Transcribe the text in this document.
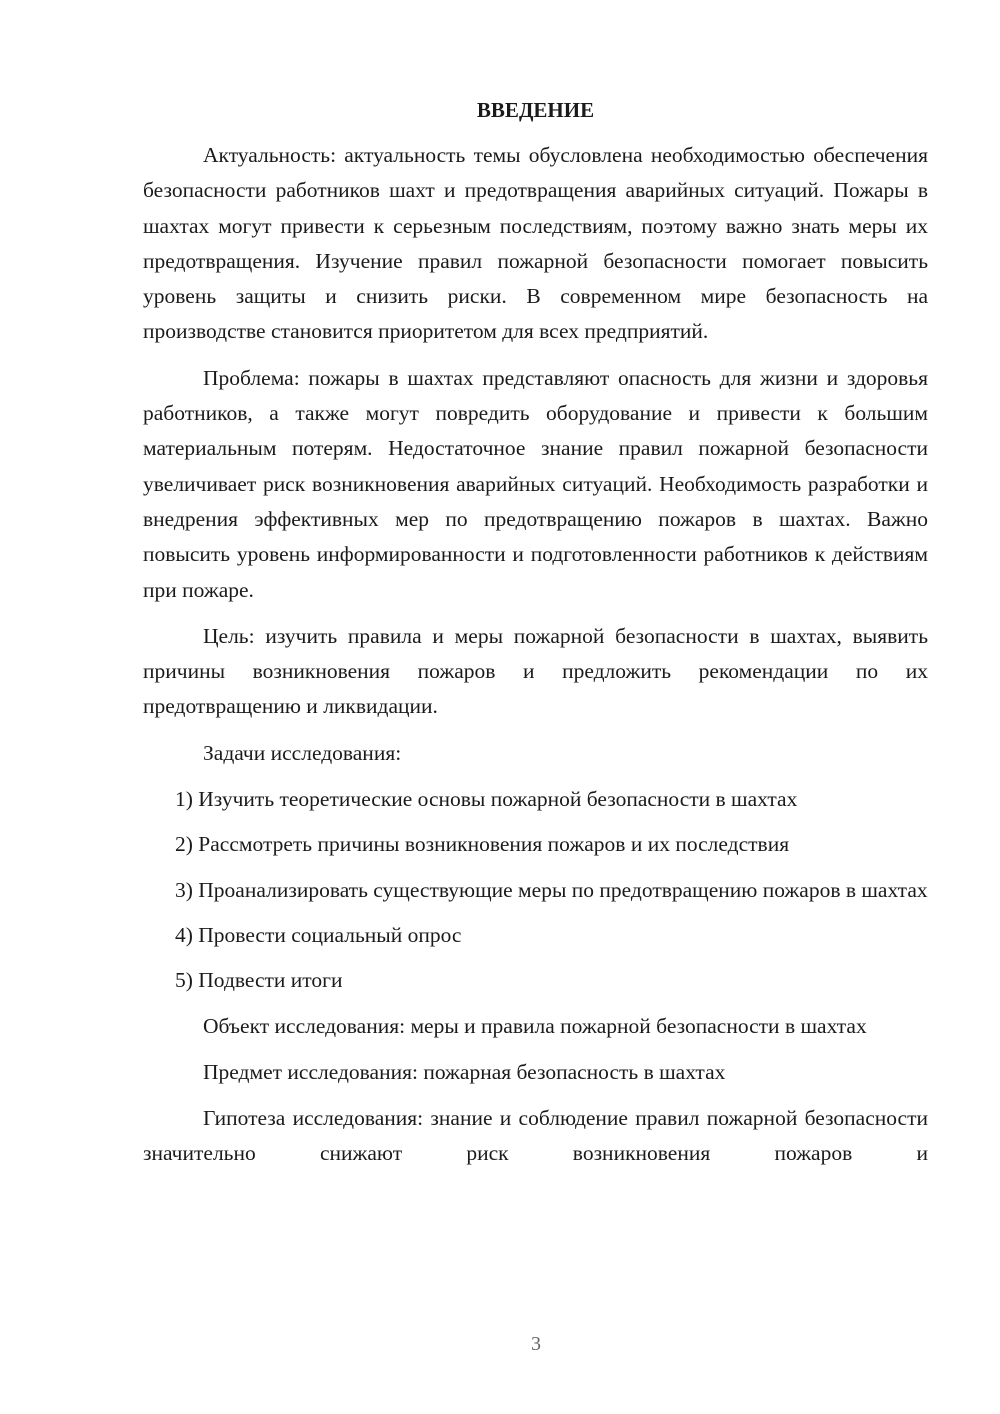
ВВЕДЕНИЕ

Актуальность: актуальность темы обусловлена необходимостью обеспечения безопасности работников шахт и предотвращения аварийных ситуаций. Пожары в шахтах могут привести к серьезным последствиям, поэтому важно знать меры их предотвращения. Изучение правил пожарной безопасности помогает повысить уровень защиты и снизить риски. В современном мире безопасность на производстве становится приоритетом для всех предприятий.

Проблема: пожары в шахтах представляют опасность для жизни и здоровья работников, а также могут повредить оборудование и привести к большим материальным потерям. Недостаточное знание правил пожарной безопасности увеличивает риск возникновения аварийных ситуаций. Необходимость разработки и внедрения эффективных мер по предотвращению пожаров в шахтах. Важно повысить уровень информированности и подготовленности работников к действиям при пожаре.

Цель: изучить правила и меры пожарной безопасности в шахтах, выявить причины возникновения пожаров и предложить рекомендации по их предотвращению и ликвидации.

Задачи исследования:

1) Изучить теоретические основы пожарной безопасности в шахтах

2) Рассмотреть причины возникновения пожаров и их последствия

3) Проанализировать существующие меры по предотвращению пожаров в шахтах

4) Провести социальный опрос

5) Подвести итоги

Объект исследования: меры и правила пожарной безопасности в шахтах

Предмет исследования: пожарная безопасность в шахтах

Гипотеза исследования: знание и соблюдение правил пожарной безопасности значительно снижают риск возникновения пожаров и

3
